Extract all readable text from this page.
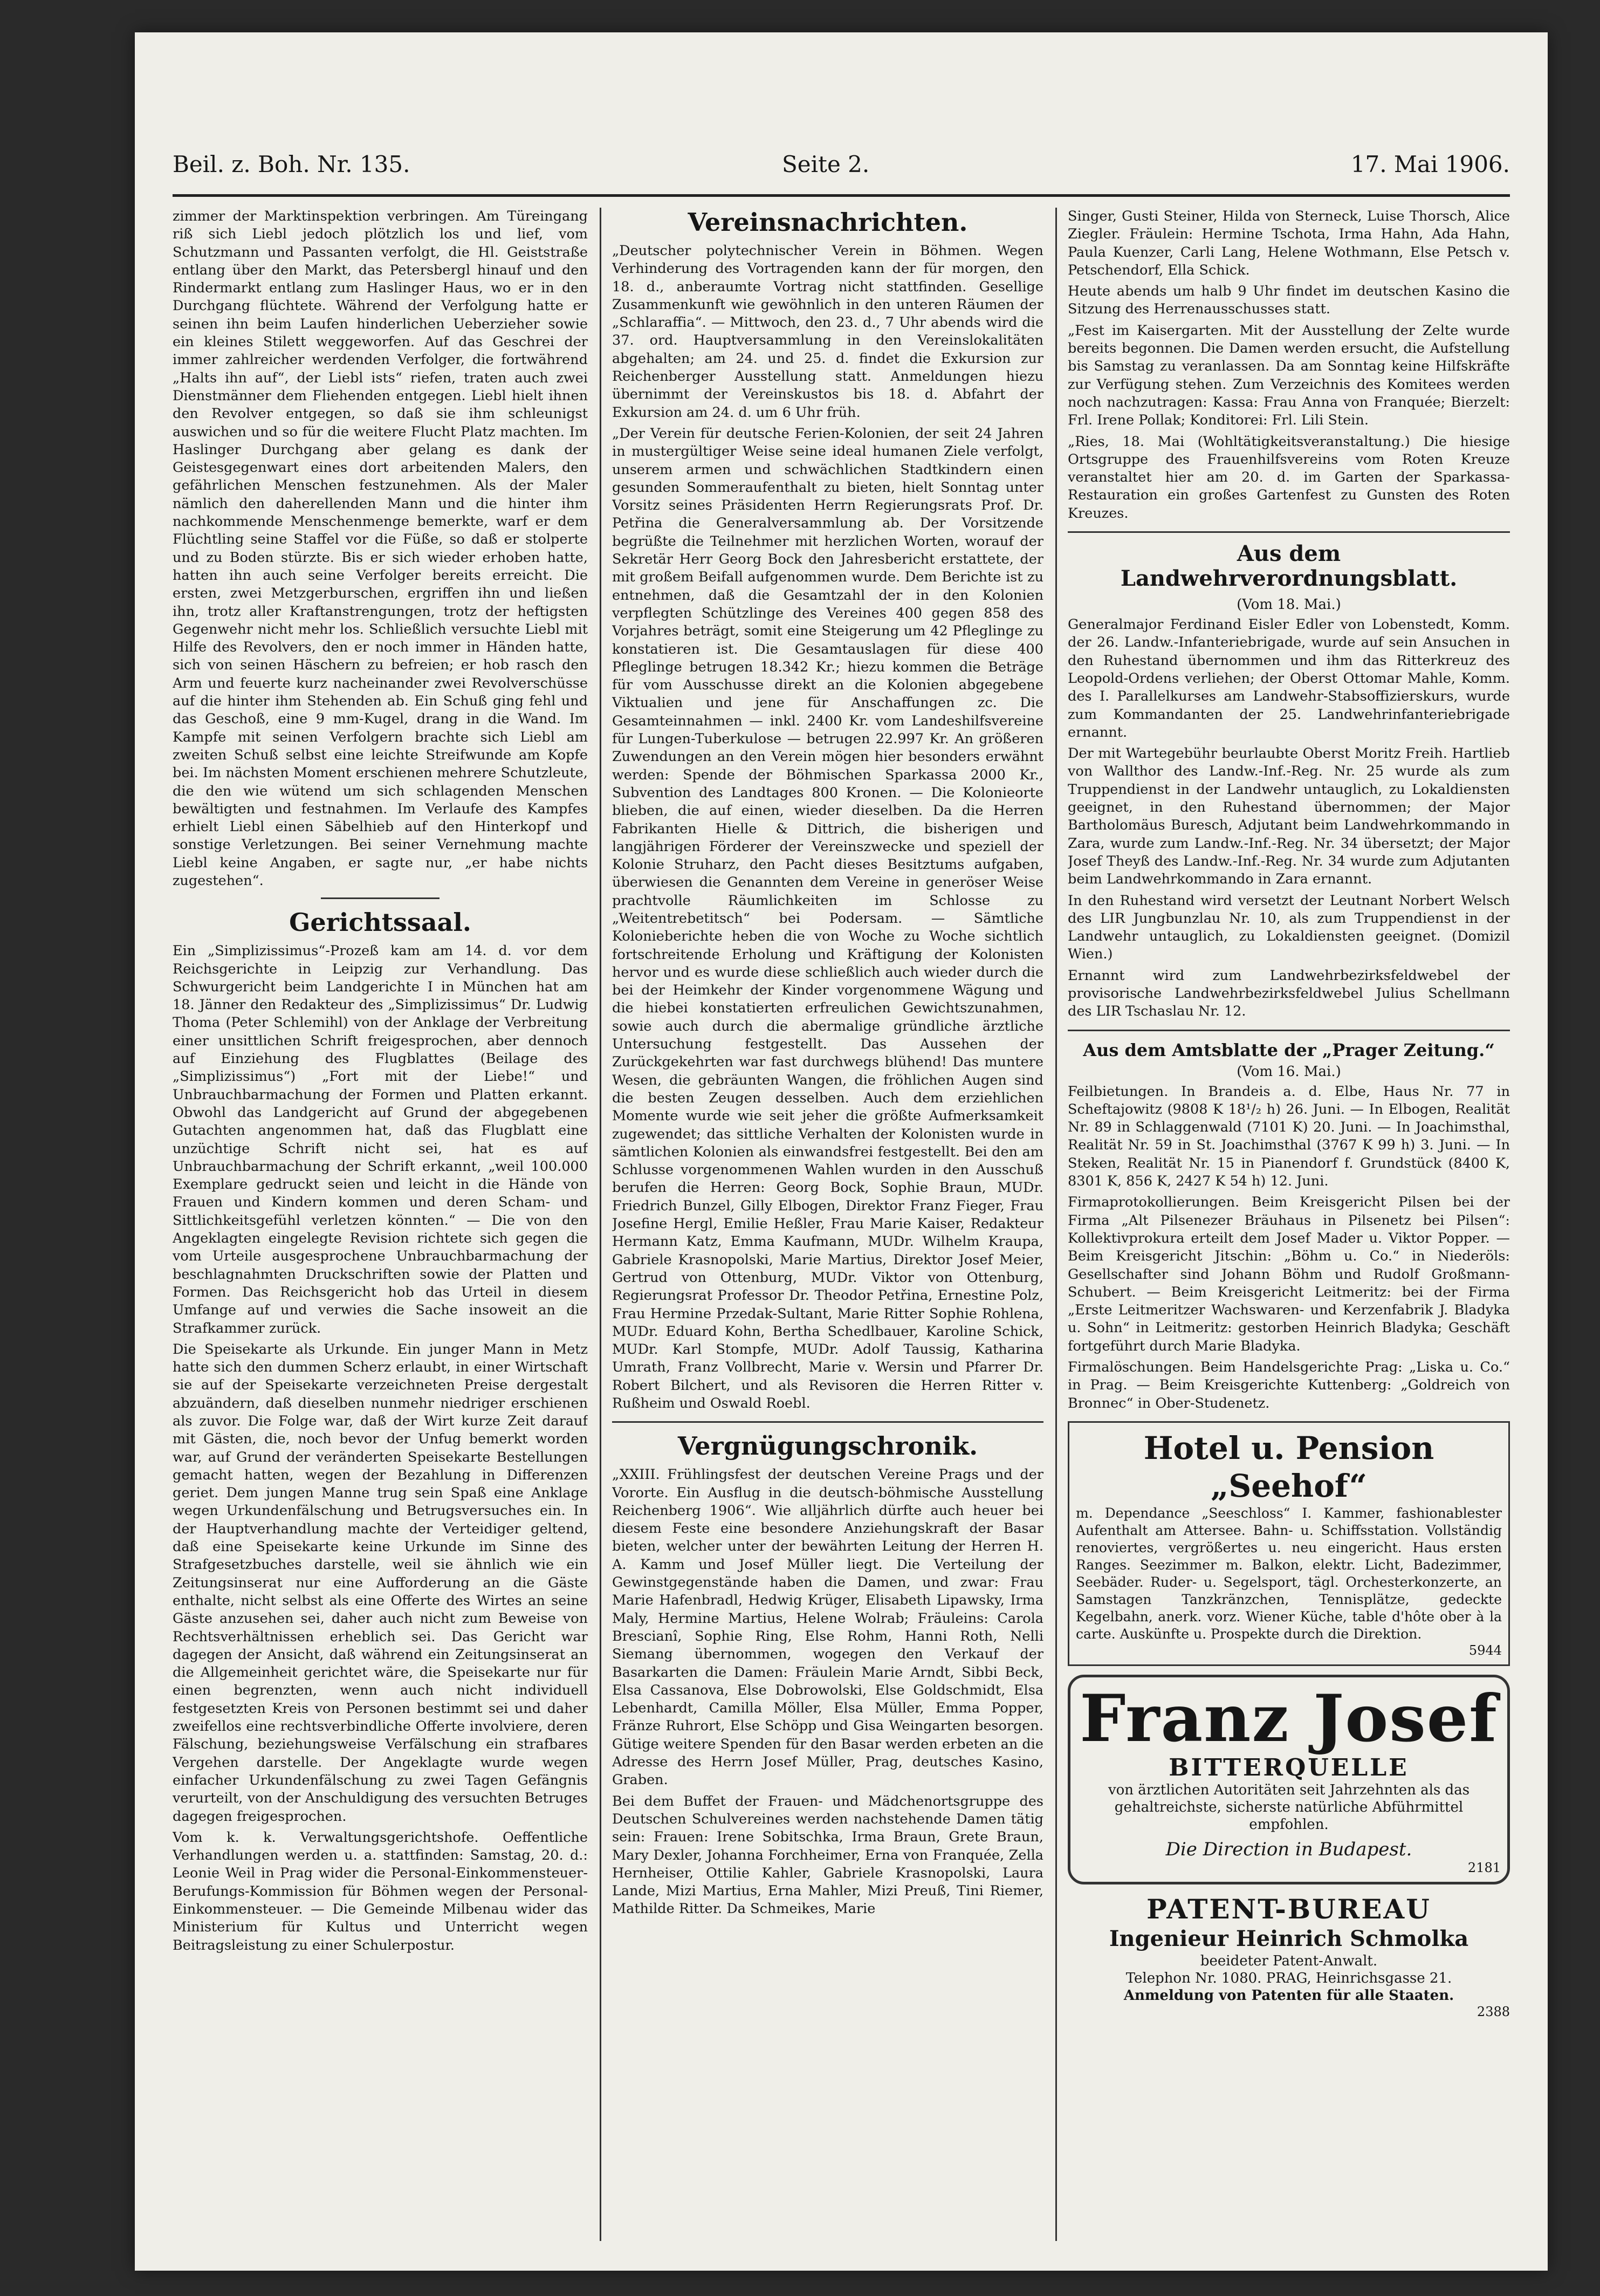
Beil. z. Boh. Nr. 135.	Seite 2.	17. Mai 1906.

zimmer der Marktinspektion verbringen. Am Türeingang riß sich Liebl jedoch plötzlich los und lief, vom Schutzmann und Passanten verfolgt, die Hl. Geiststraße entlang über den Markt, das Petersbergl hinauf und den Rindermarkt entlang zum Haslinger Haus, wo er in den Durchgang flüchtete. Während der Verfolgung hatte er seinen ihn beim Laufen hinderlichen Ueberzieher sowie ein kleines Stilett weggeworfen. Auf das Geschrei der immer zahlreicher werdenden Verfolger, die fortwährend „Halts ihn auf“, der Liebl ists“ riefen, traten auch zwei Dienstmänner dem Fliehenden entgegen. Liebl hielt ihnen den Revolver entgegen, so daß sie ihm schleunigst auswichen und so für die weitere Flucht Platz machten. Im Haslinger Durchgang aber gelang es dank der Geistesgegenwart eines dort arbeitenden Malers, den gefährlichen Menschen festzunehmen. Als der Maler nämlich den daherellenden Mann und die hinter ihm nachkommende Menschenmenge bemerkte, warf er dem Flüchtling seine Staffel vor die Füße, so daß er stolperte und zu Boden stürzte. Bis er sich wieder erhoben hatte, hatten ihn auch seine Verfolger bereits erreicht. Die ersten, zwei Metzgerburschen, ergriffen ihn und ließen ihn, trotz aller Kraftanstrengungen, trotz der heftigsten Gegenwehr nicht mehr los. Schließlich versuchte Liebl mit Hilfe des Revolvers, den er noch immer in Händen hatte, sich von seinen Häschern zu befreien; er hob rasch den Arm und feuerte kurz nacheinander zwei Revolverschüsse auf die hinter ihm Stehenden ab. Ein Schuß ging fehl und das Geschoß, eine 9 mm-Kugel, drang in die Wand. Im Kampfe mit seinen Verfolgern brachte sich Liebl am zweiten Schuß selbst eine leichte Streifwunde am Kopfe bei. Im nächsten Moment erschienen mehrere Schutzleute, die den wie wütend um sich schlagenden Menschen bewältigten und festnahmen. Im Verlaufe des Kampfes erhielt Liebl einen Säbelhieb auf den Hinterkopf und sonstige Verletzungen. Bei seiner Vernehmung machte Liebl keine Angaben, er sagte nur, „er habe nichts zugestehen“.

Gerichtssaal.

Ein „Simplizissimus“-Prozeß kam am 14. d. vor dem Reichsgerichte in Leipzig zur Verhandlung. Das Schwurgericht beim Landgerichte I in München hat am 18. Jänner den Redakteur des „Simplizissimus“ Dr. Ludwig Thoma (Peter Schlemihl) von der Anklage der Verbreitung einer unsittlichen Schrift freigesprochen, aber dennoch auf Einziehung des Flugblattes (Beilage des „Simplizissimus“) „Fort mit der Liebe!“ und Unbrauchbarmachung der Formen und Platten erkannt. Obwohl das Landgericht auf Grund der abgegebenen Gutachten angenommen hat, daß das Flugblatt eine unzüchtige Schrift nicht sei, hat es auf Unbrauchbarmachung der Schrift erkannt, „weil 100.000 Exemplare gedruckt seien und leicht in die Hände von Frauen und Kindern kommen und deren Scham- und Sittlichkeitsgefühl verletzen könnten.“ — Die von den Angeklagten eingelegte Revision richtete sich gegen die vom Urteile ausgesprochene Unbrauchbarmachung der beschlagnahmten Druckschriften sowie der Platten und Formen. Das Reichsgericht hob das Urteil in diesem Umfange auf und verwies die Sache insoweit an die Strafkammer zurück.

Die Speisekarte als Urkunde. Ein junger Mann in Metz hatte sich den dummen Scherz erlaubt, in einer Wirtschaft sie auf der Speisekarte verzeichneten Preise dergestalt abzuändern, daß dieselben nunmehr niedriger erschienen als zuvor. Die Folge war, daß der Wirt kurze Zeit darauf mit Gästen, die, noch bevor der Unfug bemerkt worden war, auf Grund der veränderten Speisekarte Bestellungen gemacht hatten, wegen der Bezahlung in Differenzen geriet. Dem jungen Manne trug sein Spaß eine Anklage wegen Urkundenfälschung und Betrugsversuches ein. In der Hauptverhandlung machte der Verteidiger geltend, daß eine Speisekarte keine Urkunde im Sinne des Strafgesetzbuches darstelle, weil sie ähnlich wie ein Zeitungsinserat nur eine Aufforderung an die Gäste enthalte, nicht selbst als eine Offerte des Wirtes an seine Gäste anzusehen sei, daher auch nicht zum Beweise von Rechtsverhältnissen erheblich sei. Das Gericht war dagegen der Ansicht, daß während ein Zeitungsinserat an die Allgemeinheit gerichtet wäre, die Speisekarte nur für einen begrenzten, wenn auch nicht individuell festgesetzten Kreis von Personen bestimmt sei und daher zweifellos eine rechtsverbindliche Offerte involviere, deren Fälschung, beziehungsweise Verfälschung ein strafbares Vergehen darstelle. Der Angeklagte wurde wegen einfacher Urkundenfälschung zu zwei Tagen Gefängnis verurteilt, von der Anschuldigung des versuchten Betruges dagegen freigesprochen.

Vom k. k. Verwaltungsgerichtshofe. Oeffentliche Verhandlungen werden u. a. stattfinden: Samstag, 20. d.: Leonie Weil in Prag wider die Personal-Einkommensteuer-Berufungs-Kommission für Böhmen wegen der Personal-Einkommensteuer. — Die Gemeinde Milbenau wider das Ministerium für Kultus und Unterricht wegen Beitragsleistung zu einer Schulerpostur.

Vereinsnachrichten.

„Deutscher polytechnischer Verein in Böhmen. Wegen Verhinderung des Vortragenden kann der für morgen, den 18. d., anberaumte Vortrag nicht stattfinden. Gesellige Zusammenkunft wie gewöhnlich in den unteren Räumen der „Schlaraffia“. — Mittwoch, den 23. d., 7 Uhr abends wird die 37. ord. Hauptversammlung in den Vereinslokalitäten abgehalten; am 24. und 25. d. findet die Exkursion zur Reichenberger Ausstellung statt. Anmeldungen hiezu übernimmt der Vereinskustos bis 18. d. Abfahrt der Exkursion am 24. d. um 6 Uhr früh.

„Der Verein für deutsche Ferien-Kolonien, der seit 24 Jahren in mustergültiger Weise seine ideal humanen Ziele verfolgt, unserem armen und schwächlichen Stadtkindern einen gesunden Sommeraufenthalt zu bieten, hielt Sonntag unter Vorsitz seines Präsidenten Herrn Regierungsrats Prof. Dr. Petřina die Generalversammlung ab. Der Vorsitzende begrüßte die Teilnehmer mit herzlichen Worten, worauf der Sekretär Herr Georg Bock den Jahresbericht erstattete, der mit großem Beifall aufgenommen wurde. Dem Berichte ist zu entnehmen, daß die Gesamtzahl der in den Kolonien verpflegten Schützlinge des Vereines 400 gegen 858 des Vorjahres beträgt, somit eine Steigerung um 42 Pfleglinge zu konstatieren ist. Die Gesamtauslagen für diese 400 Pfleglinge betrugen 18.342 Kr.; hiezu kommen die Beträge für vom Ausschusse direkt an die Kolonien abgegebene Viktualien und jene für Anschaffungen zc. Die Gesamteinnahmen — inkl. 2400 Kr. vom Landeshilfsvereine für Lungen-Tuberkulose — betrugen 22.997 Kr. An größeren Zuwendungen an den Verein mögen hier besonders erwähnt werden: Spende der Böhmischen Sparkassa 2000 Kr., Subvention des Landtages 800 Kronen. — Die Kolonieorte blieben, die auf einen, wieder dieselben. Da die Herren Fabrikanten Hielle & Dittrich, die bisherigen und langjährigen Förderer der Vereinszwecke und speziell der Kolonie Struharz, den Pacht dieses Besitztums aufgaben, überwiesen die Genannten dem Vereine in generöser Weise prachtvolle Räumlichkeiten im Schlosse zu „Weitentrebetitsch“ bei Podersam. — Sämtliche Kolonieberichte heben die von Woche zu Woche sichtlich fortschreitende Erholung und Kräftigung der Kolonisten hervor und es wurde diese schließlich auch wieder durch die bei der Heimkehr der Kinder vorgenommene Wägung und die hiebei konstatierten erfreulichen Gewichtszunahmen, sowie auch durch die abermalige gründliche ärztliche Untersuchung festgestellt. Das Aussehen der Zurückgekehrten war fast durchwegs blühend! Das muntere Wesen, die gebräunten Wangen, die fröhlichen Augen sind die besten Zeugen desselben. Auch dem erziehlichen Momente wurde wie seit jeher die größte Aufmerksamkeit zugewendet; das sittliche Verhalten der Kolonisten wurde in sämtlichen Kolonien als einwandsfrei festgestellt. Bei den am Schlusse vorgenommenen Wahlen wurden in den Ausschuß berufen die Herren: Georg Bock, Sophie Braun, MUDr. Friedrich Bunzel, Gilly Elbogen, Direktor Franz Fieger, Frau Josefine Hergl, Emilie Heßler, Frau Marie Kaiser, Redakteur Hermann Katz, Emma Kaufmann, MUDr. Wilhelm Kraupa, Gabriele Krasnopolski, Marie Martius, Direktor Josef Meier, Gertrud von Ottenburg, MUDr. Viktor von Ottenburg, Regierungsrat Professor Dr. Theodor Petřina, Ernestine Polz, Frau Hermine Przedak-Sultant, Marie Ritter Sophie Rohlena, MUDr. Eduard Kohn, Bertha Schedlbauer, Karoline Schick, MUDr. Karl Stompfe, MUDr. Adolf Taussig, Katharina Umrath, Franz Vollbrecht, Marie v. Wersin und Pfarrer Dr. Robert Bilchert, und als Revisoren die Herren Ritter v. Rußheim und Oswald Roebl.

Vergnügungschronik.

„XXIII. Frühlingsfest der deutschen Vereine Prags und der Vororte. Ein Ausflug in die deutsch-böhmische Ausstellung Reichenberg 1906“. Wie alljährlich dürfte auch heuer bei diesem Feste eine besondere Anziehungskraft der Basar bieten, welcher unter der bewährten Leitung der Herren H. A. Kamm und Josef Müller liegt. Die Verteilung der Gewinstgegenstände haben die Damen, und zwar: Frau Marie Hafenbradl, Hedwig Krüger, Elisabeth Lipawsky, Irma Maly, Hermine Martius, Helene Wolrab; Fräuleins: Carola Brescianî, Sophie Ring, Else Rohm, Hanni Roth, Nelli Siemang übernommen, wogegen den Verkauf der Basarkarten die Damen: Fräulein Marie Arndt, Sibbi Beck, Elsa Cassanova, Else Dobrowolski, Else Goldschmidt, Elsa Lebenhardt, Camilla Möller, Elsa Müller, Emma Popper, Fränze Ruhrort, Else Schöpp und Gisa Weingarten besorgen. Gütige weitere Spenden für den Basar werden erbeten an die Adresse des Herrn Josef Müller, Prag, deutsches Kasino, Graben.

Bei dem Buffet der Frauen- und Mädchenortsgruppe des Deutschen Schulvereines werden nachstehende Damen tätig sein: Frauen: Irene Sobitschka, Irma Braun, Grete Braun, Mary Dexler, Johanna Forchheimer, Erna von Franquée, Zella Hernheiser, Ottilie Kahler, Gabriele Krasnopolski, Laura Lande, Mizi Martius, Erna Mahler, Mizi Preuß, Tini Riemer, Mathilde Ritter. Da Schmeikes, Marie

Singer, Gusti Steiner, Hilda von Sterneck, Luise Thorsch, Alice Ziegler. Fräulein: Hermine Tschota, Irma Hahn, Ada Hahn, Paula Kuenzer, Carli Lang, Helene Wothmann, Else Petsch v. Petschendorf, Ella Schick.

Heute abends um halb 9 Uhr findet im deutschen Kasino die Sitzung des Herrenausschusses statt.

„Fest im Kaisergarten. Mit der Ausstellung der Zelte wurde bereits begonnen. Die Damen werden ersucht, die Aufstellung bis Samstag zu veranlassen. Da am Sonntag keine Hilfskräfte zur Verfügung stehen. Zum Verzeichnis des Komitees werden noch nachzutragen: Kassa: Frau Anna von Franquée; Bierzelt: Frl. Irene Pollak; Konditorei: Frl. Lili Stein.

„Ries, 18. Mai (Wohltätigkeitsveranstaltung.) Die hiesige Ortsgruppe des Frauenhilfsvereins vom Roten Kreuze veranstaltet hier am 20. d. im Garten der Sparkassa-Restauration ein großes Gartenfest zu Gunsten des Roten Kreuzes.

Aus dem Landwehrverordnungsblatt.
(Vom 18. Mai.)

Generalmajor Ferdinand Eisler Edler von Lobenstedt, Komm. der 26. Landw.-Infanteriebrigade, wurde auf sein Ansuchen in den Ruhestand übernommen und ihm das Ritterkreuz des Leopold-Ordens verliehen; der Oberst Ottomar Mahle, Komm. des I. Parallelkurses am Landwehr-Stabsoffizierskurs, wurde zum Kommandanten der 25. Landwehrinfanteriebrigade ernannt.

Der mit Wartegebühr beurlaubte Oberst Moritz Freih. Hartlieb von Wallthor des Landw.-Inf.-Reg. Nr. 25 wurde als zum Truppendienst in der Landwehr untauglich, zu Lokaldiensten geeignet, in den Ruhestand übernommen; der Major Bartholomäus Buresch, Adjutant beim Landwehrkommando in Zara, wurde zum Landw.-Inf.-Reg. Nr. 34 übersetzt; der Major Josef Theyß des Landw.-Inf.-Reg. Nr. 34 wurde zum Adjutanten beim Landwehrkommando in Zara ernannt.

In den Ruhestand wird versetzt der Leutnant Norbert Welsch des LIR Jungbunzlau Nr. 10, als zum Truppendienst in der Landwehr untauglich, zu Lokaldiensten geeignet. (Domizil Wien.)

Ernannt wird zum Landwehrbezirksfeldwebel der provisorische Landwehrbezirksfeldwebel Julius Schellmann des LIR Tschaslau Nr. 12.

Aus dem Amtsblatte der „Prager Zeitung.“
(Vom 16. Mai.)

Feilbietungen. In Brandeis a. d. Elbe, Haus Nr. 77 in Scheftajowitz (9808 K 18¹/₂ h) 26. Juni. — In Elbogen, Realität Nr. 89 in Schlaggenwald (7101 K) 20. Juni. — In Joachimsthal, Realität Nr. 59 in St. Joachimsthal (3767 K 99 h) 3. Juni. — In Steken, Realität Nr. 15 in Pianendorf f. Grundstück (8400 K, 8301 K, 856 K, 2427 K 54 h) 12. Juni.

Firmaprotokollierungen. Beim Kreisgericht Pilsen bei der Firma „Alt Pilsenezer Bräuhaus in Pilsenetz bei Pilsen“: Kollektivprokura erteilt dem Josef Mader u. Viktor Popper. — Beim Kreisgericht Jitschin: „Böhm u. Co.“ in Niederöls: Gesellschafter sind Johann Böhm und Rudolf Großmann-Schubert. — Beim Kreisgericht Leitmeritz: bei der Firma „Erste Leitmeritzer Wachswaren- und Kerzenfabrik J. Bladyka u. Sohn“ in Leitmeritz: gestorben Heinrich Bladyka; Geschäft fortgeführt durch Marie Bladyka.

Firmalöschungen. Beim Handelsgerichte Prag: „Liska u. Co.“ in Prag. — Beim Kreisgerichte Kuttenberg: „Goldreich von Bronnec“ in Ober-Studenetz.

Hotel u. Pension „Seehof“
m. Dependance „Seeschloss“ I. Kammer, fashionablester Aufenthalt am Attersee. Bahn- u. Schiffsstation. Vollständig renoviertes, vergrößertes u. neu eingericht. Haus ersten Ranges. Seezimmer m. Balkon, elektr. Licht, Badezimmer, Seebäder. Ruder- u. Segelsport, tägl. Orchesterkonzerte, an Samstagen Tanzkränzchen, Tennisplätze, gedeckte Kegelbahn, anerk. vorz. Wiener Küche, table d'hôte ober à la carte. Auskünfte u. Prospekte durch die Direktion.
5944
Franz Josef
BITTERQUELLE
von ärztlichen Autoritäten seit Jahrzehnten als das gehaltreichste, sicherste natürliche Abführmittel empfohlen.
Die Direction in Budapest.
2181
PATENT-BUREAU
Ingenieur Heinrich Schmolka
beeideter Patent-Anwalt.
Telephon Nr. 1080. PRAG, Heinrichsgasse 21.
Anmeldung von Patenten für alle Staaten.
2388
